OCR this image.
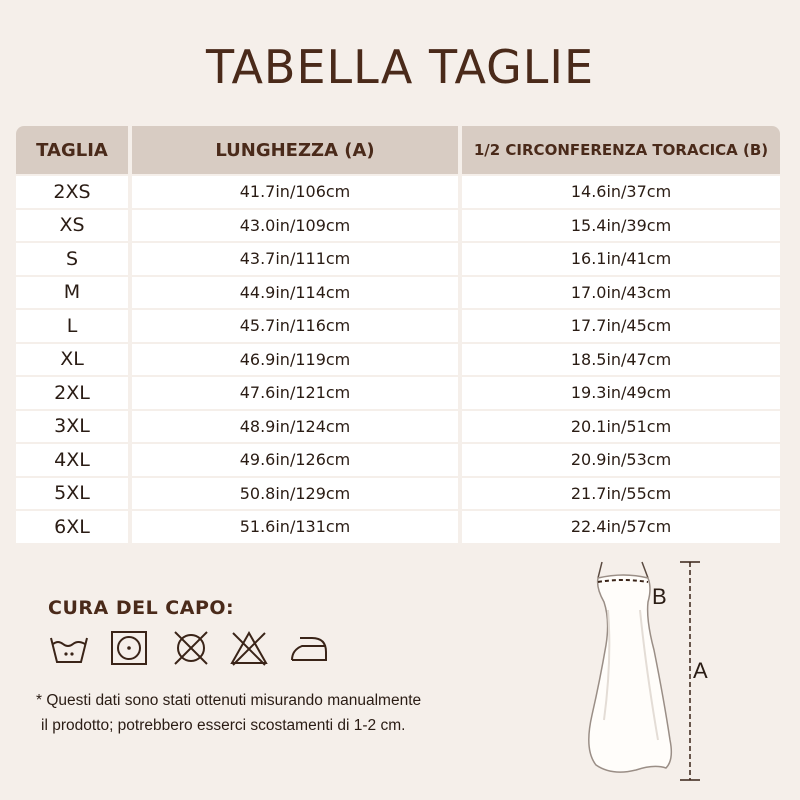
TABELLA TAGLIE
TAGLIA	LUNGHEZZA (A)	1/2 CIRCONFERENZA TORACICA (B)
2XS	41.7in/106cm	14.6in/37cm
XS	43.0in/109cm	15.4in/39cm
S	43.7in/111cm	16.1in/41cm
M	44.9in/114cm	17.0in/43cm
L	45.7in/116cm	17.7in/45cm
XL	46.9in/119cm	18.5in/47cm
2XL	47.6in/121cm	19.3in/49cm
3XL	48.9in/124cm	20.1in/51cm
4XL	49.6in/126cm	20.9in/53cm
5XL	50.8in/129cm	21.7in/55cm
6XL	51.6in/131cm	22.4in/57cm
CURA DEL CAPO:
* Questi dati sono stati ottenuti misurando manualmente
il prodotto; potrebbero esserci scostamenti di 1-2 cm.
B
A
